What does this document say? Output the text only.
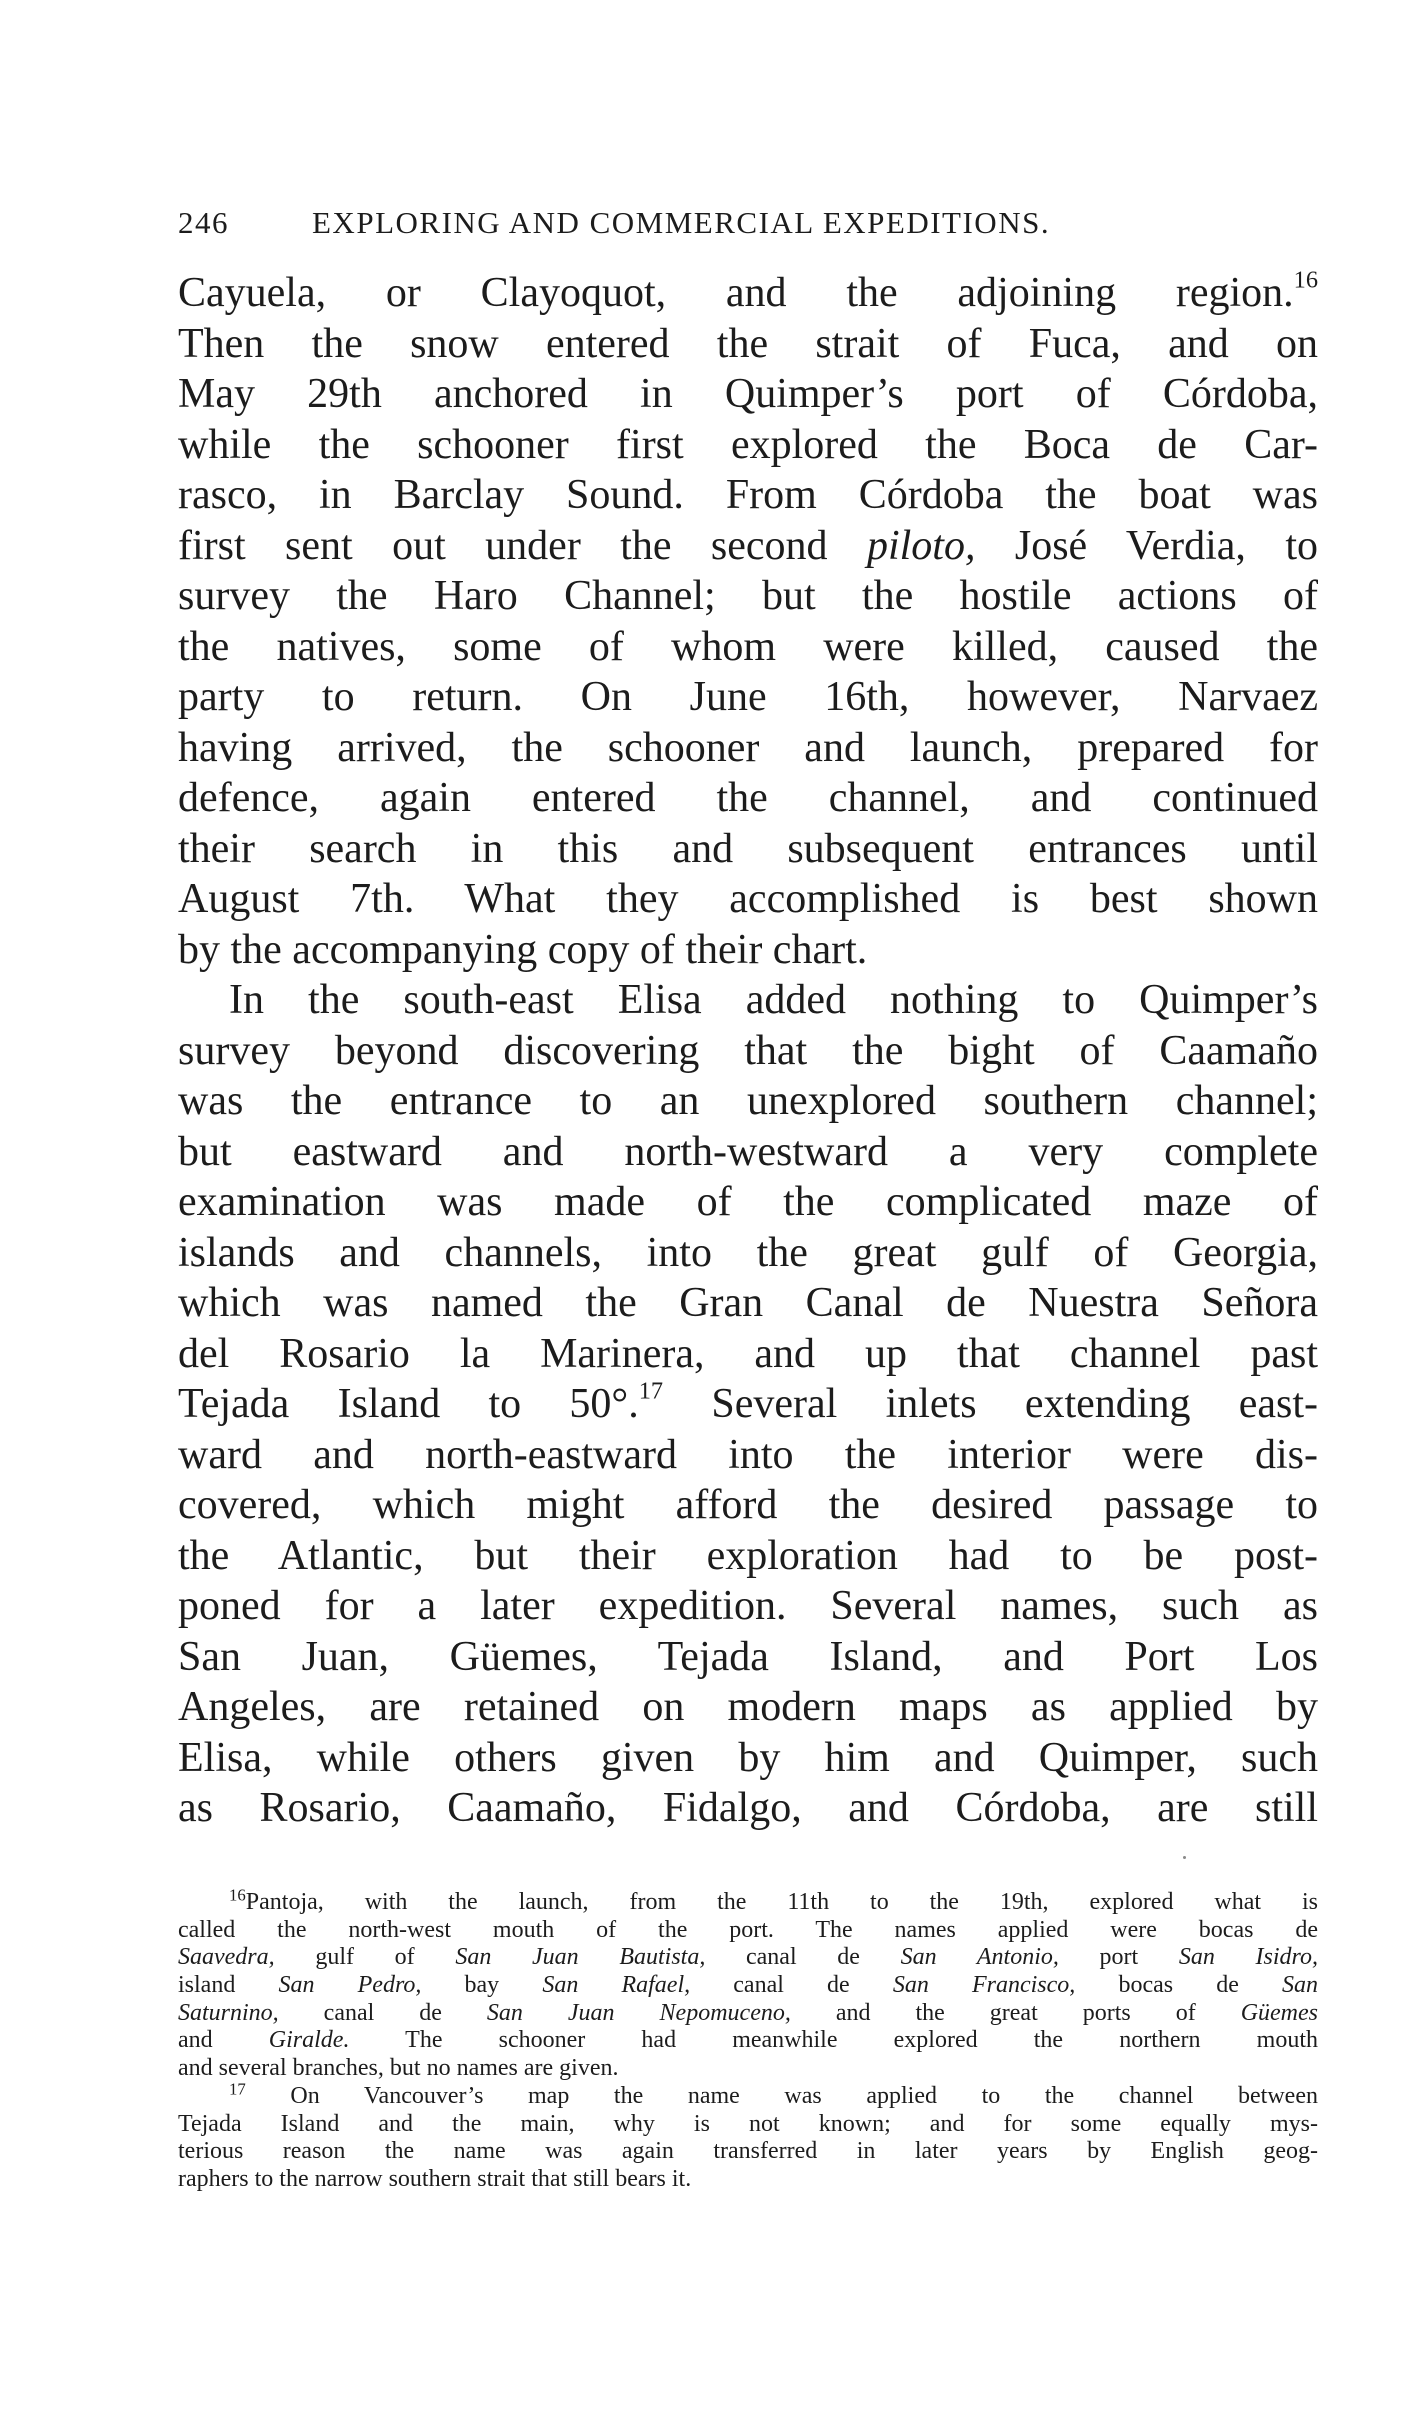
246	EXPLORING AND COMMERCIAL EXPEDITIONS.
Cayuela, or Clayoquot, and the adjoining region.$^{16}$
Then the snow entered the strait of Fuca, and on
May 29th anchored in Quimper’s port of Córdoba,
while the schooner first explored the Boca de Car-
rasco, in Barclay Sound. From Córdoba the boat was
first sent out under the second piloto, José Verdia, to
survey the Haro Channel; but the hostile actions of
the natives, some of whom were killed, caused the
party to return. On June 16th, however, Narvaez
having arrived, the schooner and launch, prepared for
defence, again entered the channel, and continued
their search in this and subsequent entrances until
August 7th. What they accomplished is best shown
by the accompanying copy of their chart.
In the south-east Elisa added nothing to Quimper’s
survey beyond discovering that the bight of Caamaño
was the entrance to an unexplored southern channel;
but eastward and north-westward a very complete
examination was made of the complicated maze of
islands and channels, into the great gulf of Georgia,
which was named the Gran Canal de Nuestra Señora
del Rosario la Marinera, and up that channel past
Tejada Island to 50°.$^{17}$ Several inlets extending east-
ward and north-eastward into the interior were dis-
covered, which might afford the desired passage to
the Atlantic, but their exploration had to be post-
poned for a later expedition. Several names, such as
San Juan, Güemes, Tejada Island, and Port Los
Angeles, are retained on modern maps as applied by
Elisa, while others given by him and Quimper, such
as Rosario, Caamaño, Fidalgo, and Córdoba, are still
$^{16}$Pantoja, with the launch, from the 11th to the 19th, explored what is
called the north-west mouth of the port. The names applied were bocas de
Saavedra, gulf of San Juan Bautista, canal de San Antonio, port San Isidro,
island San Pedro, bay San Rafael, canal de San Francisco, bocas de San
Saturnino, canal de San Juan Nepomuceno, and the great ports of Güemes
and Giralde. The schooner had meanwhile explored the northern mouth
and several branches, but no names are given.
$^{17}$ On Vancouver’s map the name was applied to the channel between
Tejada Island and the main, why is not known; and for some equally mys-
terious reason the name was again transferred in later years by English geog-
raphers to the narrow southern strait that still bears it.
